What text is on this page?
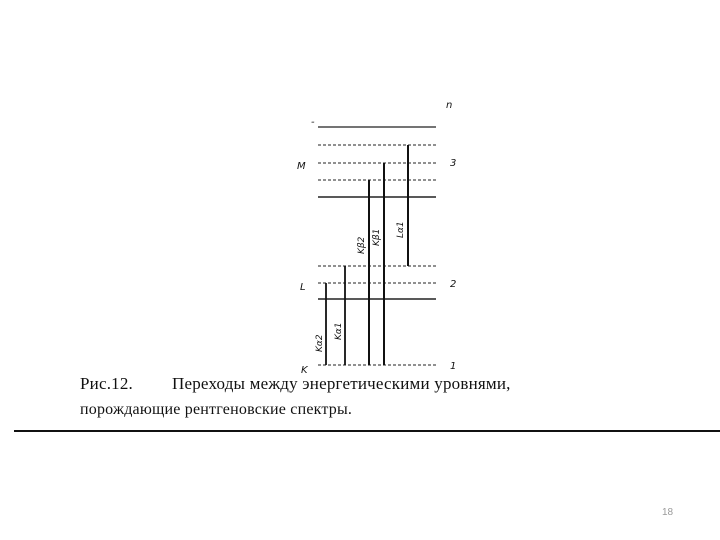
-
M
L
K
n
3
2
1
Kβ2 Kβ1 Lα1
Kα2
Kα1
Рис.12. Переходы между энергетическими уровнями,
порождающие рентгеновские спектры.
18
